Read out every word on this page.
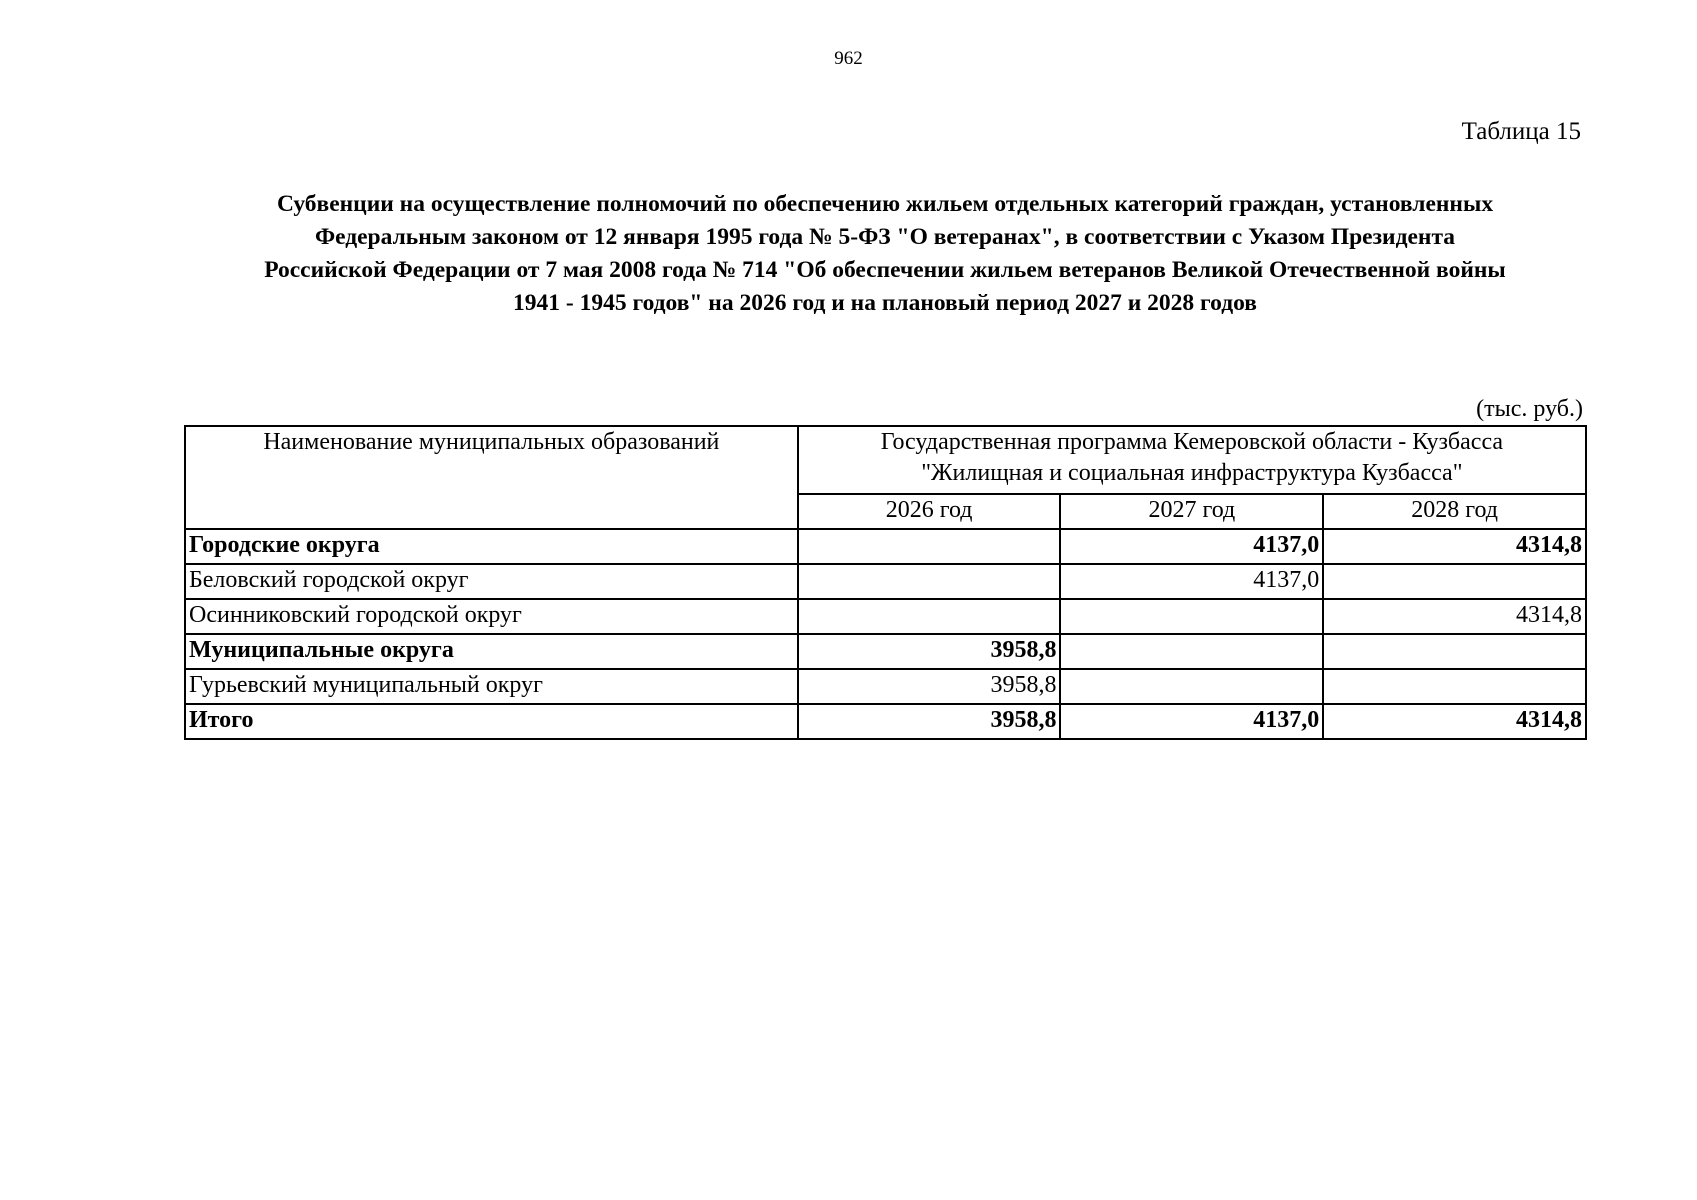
962
Таблица 15
Субвенции на осуществление полномочий по обеспечению жильем отдельных категорий граждан, установленных
Федеральным законом от 12 января 1995 года № 5-ФЗ "О ветеранах", в соответствии с Указом Президента
Российской Федерации от 7 мая 2008 года № 714 "Об обеспечении жильем ветеранов Великой Отечественной войны
1941 - 1945 годов" на 2026 год и на плановый период 2027 и 2028 годов
(тыс. руб.)
Наименование муниципальных образований	Государственная программа Кемеровской области - Кузбасса
"Жилищная и социальная инфраструктура Кузбасса"		

	2026 год	2027 год	2028 год
Городские округа		4137,0	4314,8
Беловский городской округ		4137,0	
Осинниковский городской округ			4314,8
Муниципальные округа	3958,8		
Гурьевский муниципальный округ	3958,8		
Итого	3958,8	4137,0	4314,8
